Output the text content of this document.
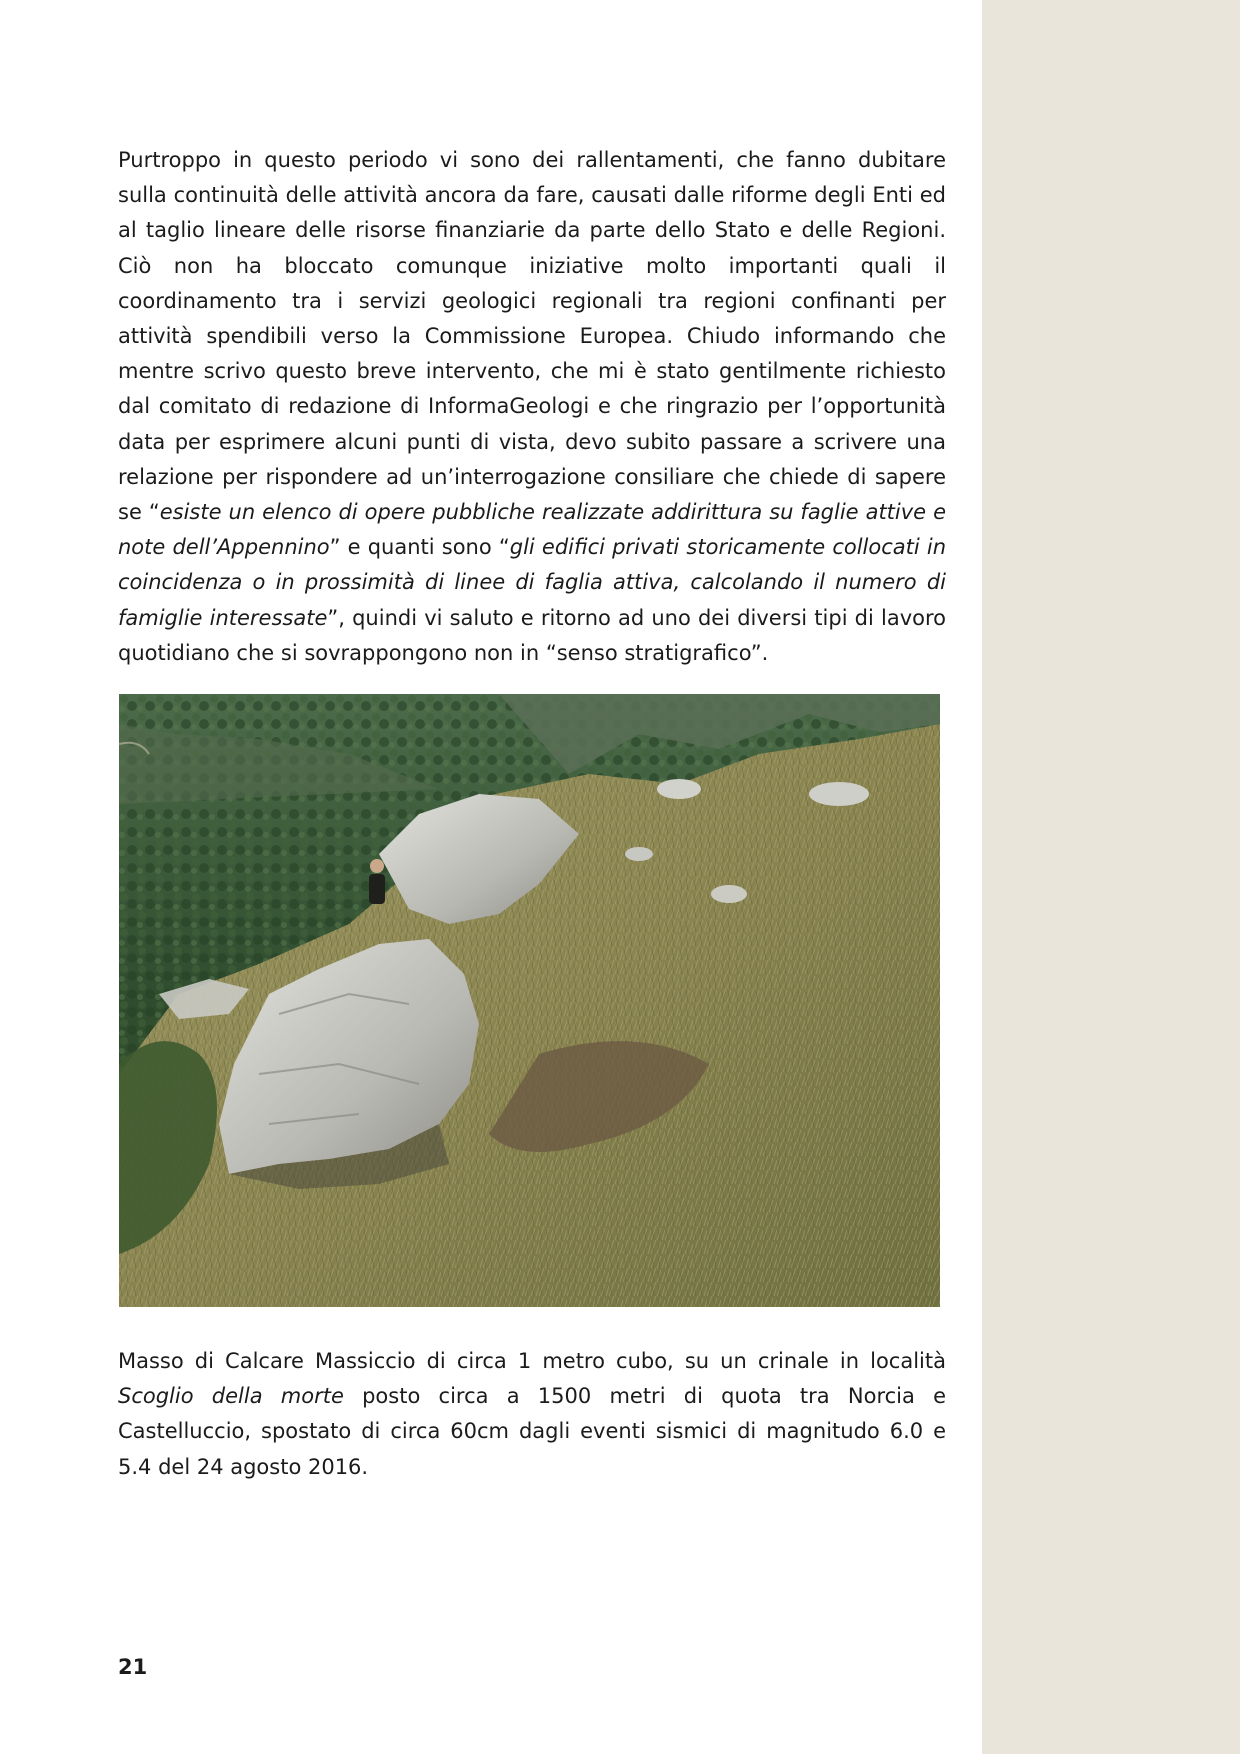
Purtroppo in questo periodo vi sono dei rallentamenti, che fanno dubitare sulla continuità delle attività ancora da fare, causati dalle riforme degli Enti ed al taglio lineare delle risorse finanziarie da parte dello Stato e delle Regioni. Ciò non ha bloccato comunque iniziative molto importanti quali il coordinamento tra i servizi geologici regionali tra regioni confinanti per attività spendibili verso la Commissione Europea. Chiudo informando che mentre scrivo questo breve intervento, che mi è stato gentilmente richiesto dal comitato di redazione di InformaGeologi e che ringrazio per l’opportunità data per esprimere alcuni punti di vista, devo subito passare a scrivere una relazione per rispondere ad un’interrogazione consiliare che chiede di sapere se “esiste un elenco di opere pubbliche realizzate addirittura su faglie attive e note dell’Appennino” e quanti sono “gli edifici privati storicamente collocati in coincidenza o in prossimità di linee di faglia attiva, calcolando il numero di famiglie interessate”, quindi vi saluto e ritorno ad uno dei diversi tipi di lavoro quotidiano che si sovrappongono non in “senso stratigrafico”.

Masso di Calcare Massiccio di circa 1 metro cubo, su un crinale in località Scoglio della morte posto circa a 1500 metri di quota tra Norcia e Castelluccio, spostato di circa 60cm dagli eventi sismici di magnitudo 6.0 e 5.4 del 24 agosto 2016.

21
